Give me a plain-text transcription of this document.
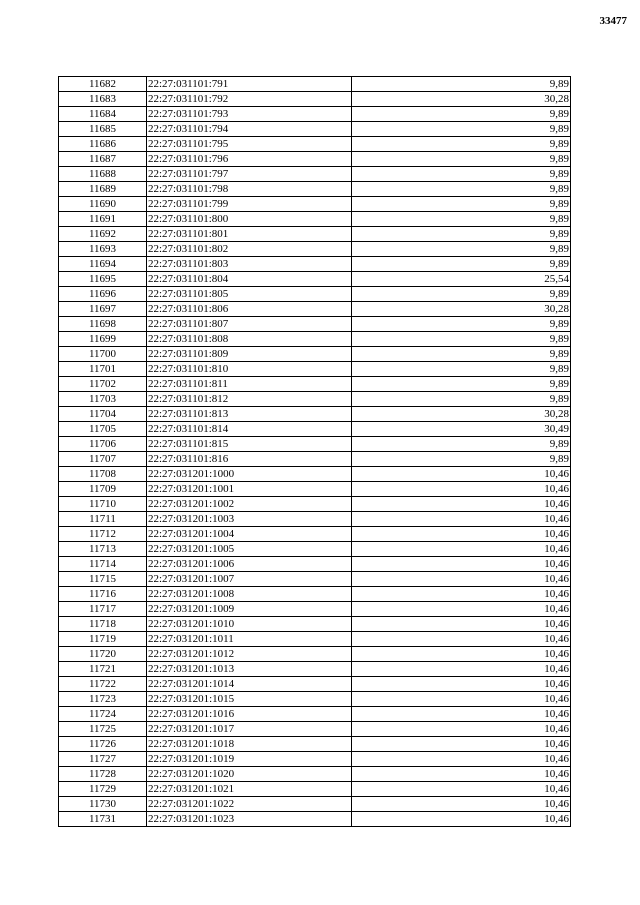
33477
11682	22:27:031101:791	9,89
11683	22:27:031101:792	30,28
11684	22:27:031101:793	9,89
11685	22:27:031101:794	9,89
11686	22:27:031101:795	9,89
11687	22:27:031101:796	9,89
11688	22:27:031101:797	9,89
11689	22:27:031101:798	9,89
11690	22:27:031101:799	9,89
11691	22:27:031101:800	9,89
11692	22:27:031101:801	9,89
11693	22:27:031101:802	9,89
11694	22:27:031101:803	9,89
11695	22:27:031101:804	25,54
11696	22:27:031101:805	9,89
11697	22:27:031101:806	30,28
11698	22:27:031101:807	9,89
11699	22:27:031101:808	9,89
11700	22:27:031101:809	9,89
11701	22:27:031101:810	9,89
11702	22:27:031101:811	9,89
11703	22:27:031101:812	9,89
11704	22:27:031101:813	30,28
11705	22:27:031101:814	30,49
11706	22:27:031101:815	9,89
11707	22:27:031101:816	9,89
11708	22:27:031201:1000	10,46
11709	22:27:031201:1001	10,46
11710	22:27:031201:1002	10,46
11711	22:27:031201:1003	10,46
11712	22:27:031201:1004	10,46
11713	22:27:031201:1005	10,46
11714	22:27:031201:1006	10,46
11715	22:27:031201:1007	10,46
11716	22:27:031201:1008	10,46
11717	22:27:031201:1009	10,46
11718	22:27:031201:1010	10,46
11719	22:27:031201:1011	10,46
11720	22:27:031201:1012	10,46
11721	22:27:031201:1013	10,46
11722	22:27:031201:1014	10,46
11723	22:27:031201:1015	10,46
11724	22:27:031201:1016	10,46
11725	22:27:031201:1017	10,46
11726	22:27:031201:1018	10,46
11727	22:27:031201:1019	10,46
11728	22:27:031201:1020	10,46
11729	22:27:031201:1021	10,46
11730	22:27:031201:1022	10,46
11731	22:27:031201:1023	10,46
